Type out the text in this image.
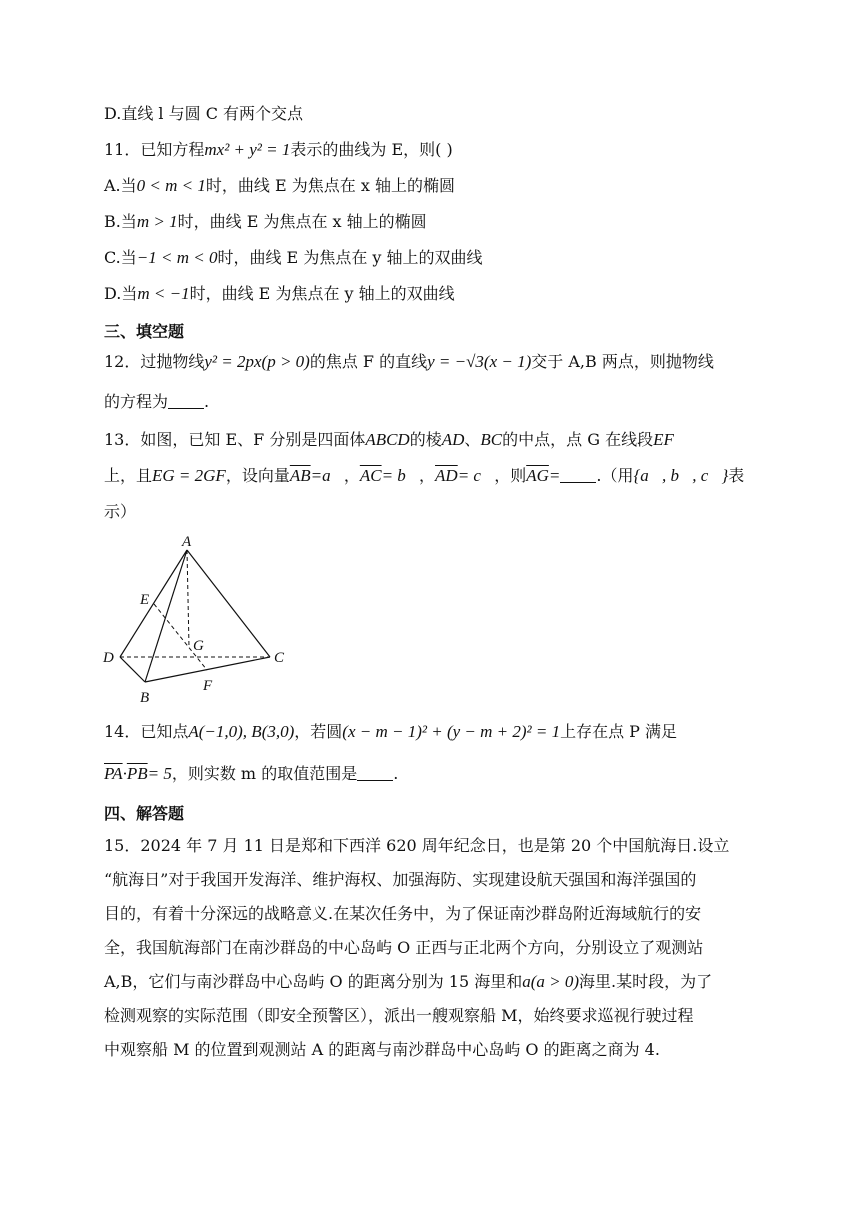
D.直线 l 与圆 C 有两个交点
11．已知方程mx² + y² = 1表示的曲线为 E，则( )
A.当0 < m < 1时，曲线 E 为焦点在 x 轴上的椭圆
B.当m > 1时，曲线 E 为焦点在 x 轴上的椭圆
C.当−1 < m < 0时，曲线 E 为焦点在 y 轴上的双曲线
D.当m < −1时，曲线 E 为焦点在 y 轴上的双曲线
三、填空题
12．过抛物线y² = 2px(p > 0)的焦点 F 的直线y = −√3(x − 1)交于 A,B 两点，则抛物线
的方程为 .
13．如图，已知 E、F 分别是四面体ABCD的棱AD、BC的中点，点 G 在线段EF
上，且EG = 2GF，设向量$\overline{AB}=a⃗$，$\overline{AC}=$ b⃗，$\overline{AD}=$ c⃗，则$\overline{AG}=$ .（用{a⃗, b⃗, c⃗}表
示）
A
B
C
D
E
F
G
14．已知点A(−1,0), B(3,0)，若圆(x − m − 1)² + (y − m + 2)² = 1上存在点 P 满足
$\overline{PA}\cdot\overline{PB}= 5$，则实数 m 的取值范围是 .
四、解答题
15．2024 年 7 月 11 日是郑和下西洋 620 周年纪念日，也是第 20 个中国航海日.设立
“航海日”对于我国开发海洋、维护海权、加强海防、实现建设航天强国和海洋强国的
目的，有着十分深远的战略意义.在某次任务中，为了保证南沙群岛附近海域航行的安
全，我国航海部门在南沙群岛的中心岛屿 O 正西与正北两个方向，分别设立了观测站
A,B，它们与南沙群岛中心岛屿 O 的距离分别为 15 海里和a(a > 0)海里.某时段，为了
检测观察的实际范围（即安全预警区），派出一艘观察船 M，始终要求巡视行驶过程
中观察船 M 的位置到观测站 A 的距离与南沙群岛中心岛屿 O 的距离之商为 4.
